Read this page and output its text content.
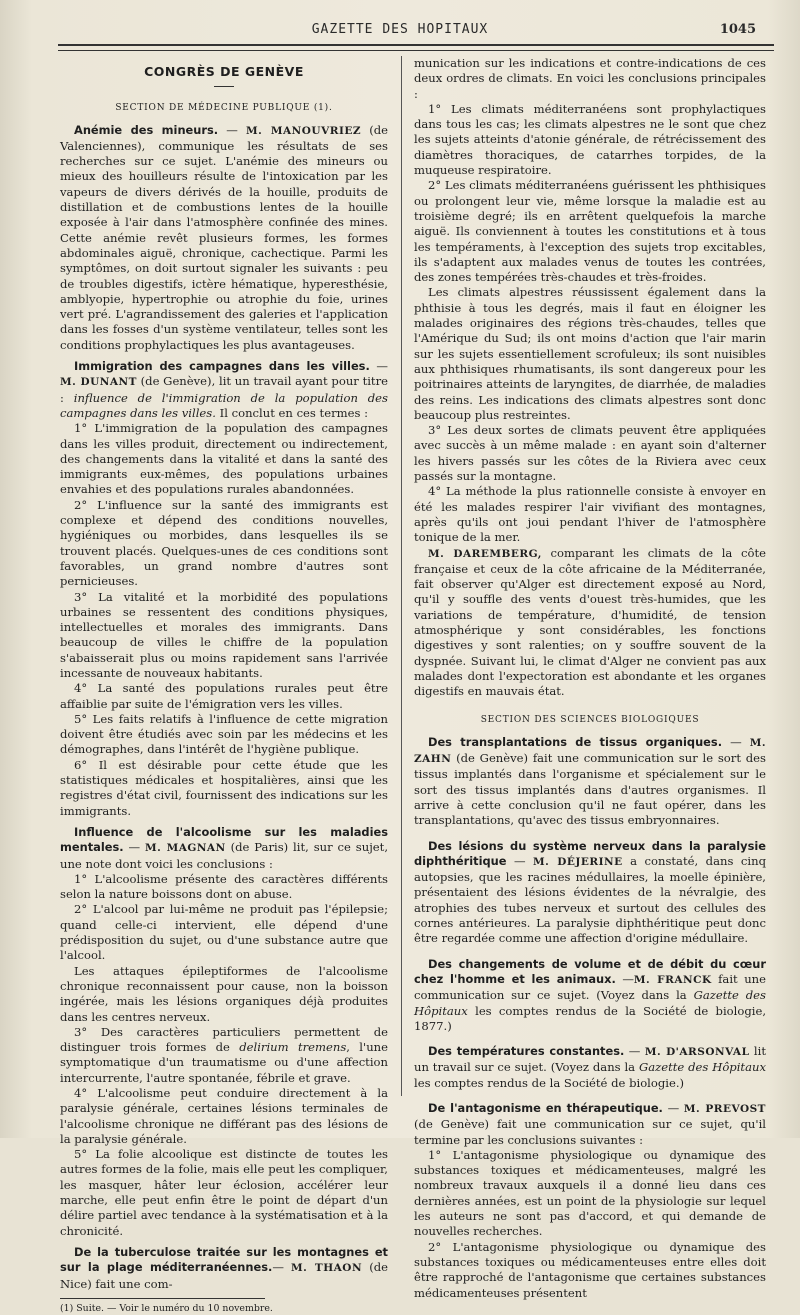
GAZETTE DES HOPITAUX	1045
CONGRÈS DE GENÈVE
SECTION DE MÉDECINE PUBLIQUE (1).

Anémie des mineurs. — M. MANOUVRIEZ (de Valenciennes), communique les résultats de ses recherches sur ce sujet. L'anémie des mineurs ou mieux des houilleurs résulte de l'intoxication par les vapeurs de divers dérivés de la houille, produits de distillation et de combustions lentes de la houille exposée à l'air dans l'atmosphère confinée des mines. Cette anémie revêt plusieurs formes, les formes abdominales aiguë, chronique, cachectique. Parmi les symptômes, on doit surtout signaler les suivants : peu de troubles digestifs, ictère hématique, hyperesthésie, amblyopie, hypertrophie ou atrophie du foie, urines vert pré. L'agrandissement des galeries et l'application dans les fosses d'un système ventilateur, telles sont les conditions prophylactiques les plus avantageuses.

Immigration des campagnes dans les villes. — M. DUNANT (de Genève), lit un travail ayant pour titre : influence de l'immigration de la population des campagnes dans les villes. Il conclut en ces termes :

1° L'immigration de la population des campagnes dans les villes produit, directement ou indirectement, des changements dans la vitalité et dans la santé des immigrants eux-mêmes, des populations urbaines envahies et des populations rurales abandonnées.

2° L'influence sur la santé des immigrants est complexe et dépend des conditions nouvelles, hygiéniques ou morbides, dans lesquelles ils se trouvent placés. Quelques-unes de ces conditions sont favorables, un grand nombre d'autres sont pernicieuses.

3° La vitalité et la morbidité des populations urbaines se ressentent des conditions physiques, intellectuelles et morales des immigrants. Dans beaucoup de villes le chiffre de la population s'abaisserait plus ou moins rapidement sans l'arrivée incessante de nouveaux habitants.

4° La santé des populations rurales peut être affaiblie par suite de l'émigration vers les villes.

5° Les faits relatifs à l'influence de cette migration doivent être étudiés avec soin par les médecins et les démographes, dans l'intérêt de l'hygiène publique.

6° Il est désirable pour cette étude que les statistiques médicales et hospitalières, ainsi que les registres d'état civil, fournissent des indications sur les immigrants.

Influence de l'alcoolisme sur les maladies mentales. — M. MAGNAN (de Paris) lit, sur ce sujet, une note dont voici les conclusions :

1° L'alcoolisme présente des caractères différents selon la nature boissons dont on abuse.

2° L'alcool par lui-même ne produit pas l'épilepsie; quand celle-ci intervient, elle dépend d'une prédisposition du sujet, ou d'une substance autre que l'alcool.

Les attaques épileptiformes de l'alcoolisme chronique reconnaissent pour cause, non la boisson ingérée, mais les lésions organiques déjà produites dans les centres nerveux.

3° Des caractères particuliers permettent de distinguer trois formes de delirium tremens, l'une symptomatique d'un traumatisme ou d'une affection intercurrente, l'autre spontanée, fébrile et grave.

4° L'alcoolisme peut conduire directement à la paralysie générale, certaines lésions terminales de l'alcoolisme chronique ne différant pas des lésions de la paralysie générale.

5° La folie alcoolique est distincte de toutes les autres formes de la folie, mais elle peut les compliquer, les masquer, hâter leur éclosion, accélérer leur marche, elle peut enfin être le point de départ d'un délire partiel avec tendance à la systématisation et à la chronicité.

De la tuberculose traitée sur les montagnes et sur la plage méditerranéennes.— M. THAON (de Nice) fait une com-

(1) Suite. — Voir le numéro du 10 novembre.

munication sur les indications et contre-indications de ces deux ordres de climats. En voici les conclusions principales :

1° Les climats méditerranéens sont prophylactiques dans tous les cas; les climats alpestres ne le sont que chez les sujets atteints d'atonie générale, de rétrécissement des diamètres thoraciques, de catarrhes torpides, de la muqueuse respiratoire.

2° Les climats méditerranéens guérissent les phthisiques ou prolongent leur vie, même lorsque la maladie est au troisième degré; ils en arrêtent quelquefois la marche aiguë. Ils conviennent à toutes les constitutions et à tous les tempéraments, à l'exception des sujets trop excitables, ils s'adaptent aux malades venus de toutes les contrées, des zones tempérées très-chaudes et très-froides.

Les climats alpestres réussissent également dans la phthisie à tous les degrés, mais il faut en éloigner les malades originaires des régions très-chaudes, telles que l'Amérique du Sud; ils ont moins d'action que l'air marin sur les sujets essentiellement scrofuleux; ils sont nuisibles aux phthisiques rhumatisants, ils sont dangereux pour les poitrinaires atteints de laryngites, de diarrhée, de maladies des reins. Les indications des climats alpestres sont donc beaucoup plus restreintes.

3° Les deux sortes de climats peuvent être appliquées avec succès à un même malade : en ayant soin d'alterner les hivers passés sur les côtes de la Riviera avec ceux passés sur la montagne.

4° La méthode la plus rationnelle consiste à envoyer en été les malades respirer l'air vivifiant des montagnes, après qu'ils ont joui pendant l'hiver de l'atmosphère tonique de la mer.

M. DAREMBERG, comparant les climats de la côte française et ceux de la côte africaine de la Méditerranée, fait observer qu'Alger est directement exposé au Nord, qu'il y souffle des vents d'ouest très-humides, que les variations de température, d'humidité, de tension atmosphérique y sont considérables, les fonctions digestives y sont ralenties; on y souffre souvent de la dyspnée. Suivant lui, le climat d'Alger ne convient pas aux malades dont l'expectoration est abondante et les organes digestifs en mauvais état.

SECTION DES SCIENCES BIOLOGIQUES

Des transplantations de tissus organiques. — M. ZAHN (de Genève) fait une communication sur le sort des tissus implantés dans l'organisme et spécialement sur le sort des tissus implantés dans d'autres organismes. Il arrive à cette conclusion qu'il ne faut opérer, dans les transplantations, qu'avec des tissus embryonnaires.

Des lésions du système nerveux dans la paralysie diphthéritique — M. DÉJERINE a constaté, dans cinq autopsies, que les racines médullaires, la moelle épinière, présentaient des lésions évidentes de la névralgie, des atrophies des tubes nerveux et surtout des cellules des cornes antérieures. La paralysie diphthéritique peut donc être regardée comme une affection d'origine médullaire.

Des changements de volume et de débit du cœur chez l'homme et les animaux. —M. FRANCK fait une communication sur ce sujet. (Voyez dans la Gazette des Hôpitaux les comptes rendus de la Société de biologie, 1877.)

Des températures constantes. — M. D'ARSONVAL lit un travail sur ce sujet. (Voyez dans la Gazette des Hôpitaux les comptes rendus de la Société de biologie.)

De l'antagonisme en thérapeutique. — M. PREVOST (de Genève) fait une communication sur ce sujet, qu'il termine par les conclusions suivantes :

1° L'antagonisme physiologique ou dynamique des substances toxiques et médicamenteuses, malgré les nombreux travaux auxquels il a donné lieu dans ces dernières années, est un point de la physiologie sur lequel les auteurs ne sont pas d'accord, et qui demande de nouvelles recherches.

2° L'antagonisme physiologique ou dynamique des substances toxiques ou médicamenteuses entre elles doit être rapproché de l'antagonisme que certaines substances médicamenteuses présentent
